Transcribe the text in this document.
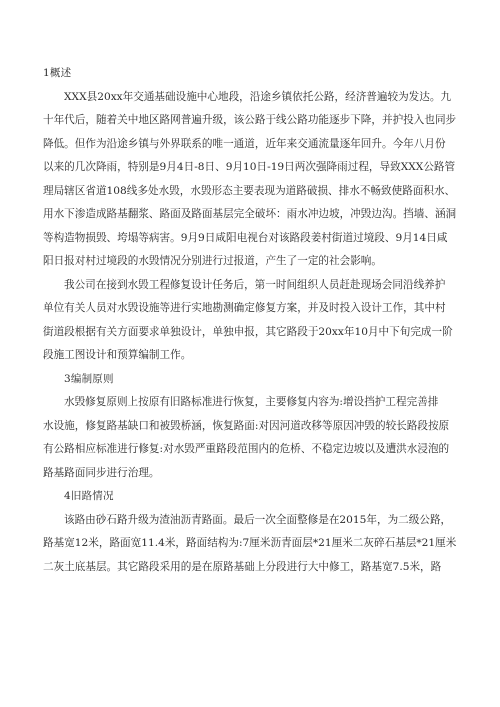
1概述

XXX县20xx年交通基础设施中心地段，沿途乡镇依托公路，经济普遍较为发达。九
十年代后，随着关中地区路网普遍升级，该公路于线公路功能逐步下降，并护投入也同步
降低。但作为沿途乡镇与外界联系的唯一通道，近年来交通流量逐年回升。今年八月份
以来的几次降雨，特别是9月4日-8日、9月10日-19日两次强降雨过程，导致XXX公路管
理局辖区省道108线多处水毁，水毁形态主要表现为道路破损、排水不畅致使路面积水、
用水下渗造成路基翻浆、路面及路面基层完全破坏：雨水冲边坡，冲毁边沟。挡墙、涵洞
等构造物损毁、垮塌等病害。9月9日咸阳电视台对该路段姜村街道过境段、9月14日咸
阳日报对村过境段的水毁情况分别进行过报道，产生了一定的社会影响。
我公司在接到水毁工程修复设计任务后，第一时间组织人员赶赴现场会同沿线养护
单位有关人员对水毁设施等进行实地勘测确定修复方案，并及时投入设计工作，其中村
街道段根据有关方面要求单独设计，单独申报，其它路段于20xx年10月中下旬完成一阶
段施工图设计和预算编制工作。

3编制原则

水毁修复原则上按原有旧路标准进行恢复，主要修复内容为:增设挡护工程完善排
水设施，修复路基缺口和被毁桥涵，恢复路面:对因河道改移等原因冲毁的较长路段按原
有公路相应标准进行修复:对水毁严重路段范围内的危桥、不稳定边坡以及遭洪水浸泡的
路基路面同步进行治理。

4旧路情况

该路由砂石路升级为渣油沥青路面。最后一次全面整修是在2015年，为二级公路，
路基宽12米，路面宽11.4米，路面结构为:7厘米沥青面层*21厘米二灰碎石基层*21厘米
二灰土底基层。其它路段采用的是在原路基础上分段进行大中修工，路基宽7.5米，路
